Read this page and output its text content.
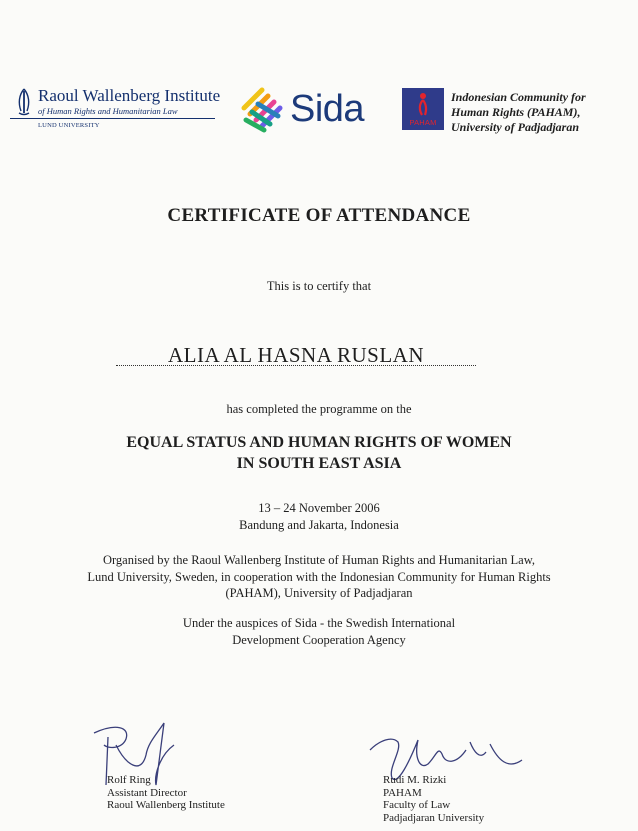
Raoul Wallenberg Institute
of Human Rights and Humanitarian Law
LUND UNIVERSITY	Sida	PAHAM
Indonesian Community for
Human Rights (PAHAM),
University of Padjadjaran
CERTIFICATE OF ATTENDANCE
This is to certify that
ALIA AL HASNA RUSLAN
has completed the programme on the
EQUAL STATUS AND HUMAN RIGHTS OF WOMEN
IN SOUTH EAST ASIA
13 – 24 November 2006
Bandung and Jakarta, Indonesia
Organised by the Raoul Wallenberg Institute of Human Rights and Humanitarian Law,
Lund University, Sweden, in cooperation with the Indonesian Community for Human Rights
(PAHAM), University of Padjadjaran
Under the auspices of Sida - the Swedish International
Development Cooperation Agency
Rolf Ring
Assistant Director
Raoul Wallenberg Institute
Rudi M. Rizki
PAHAM
Faculty of Law
Padjadjaran University
